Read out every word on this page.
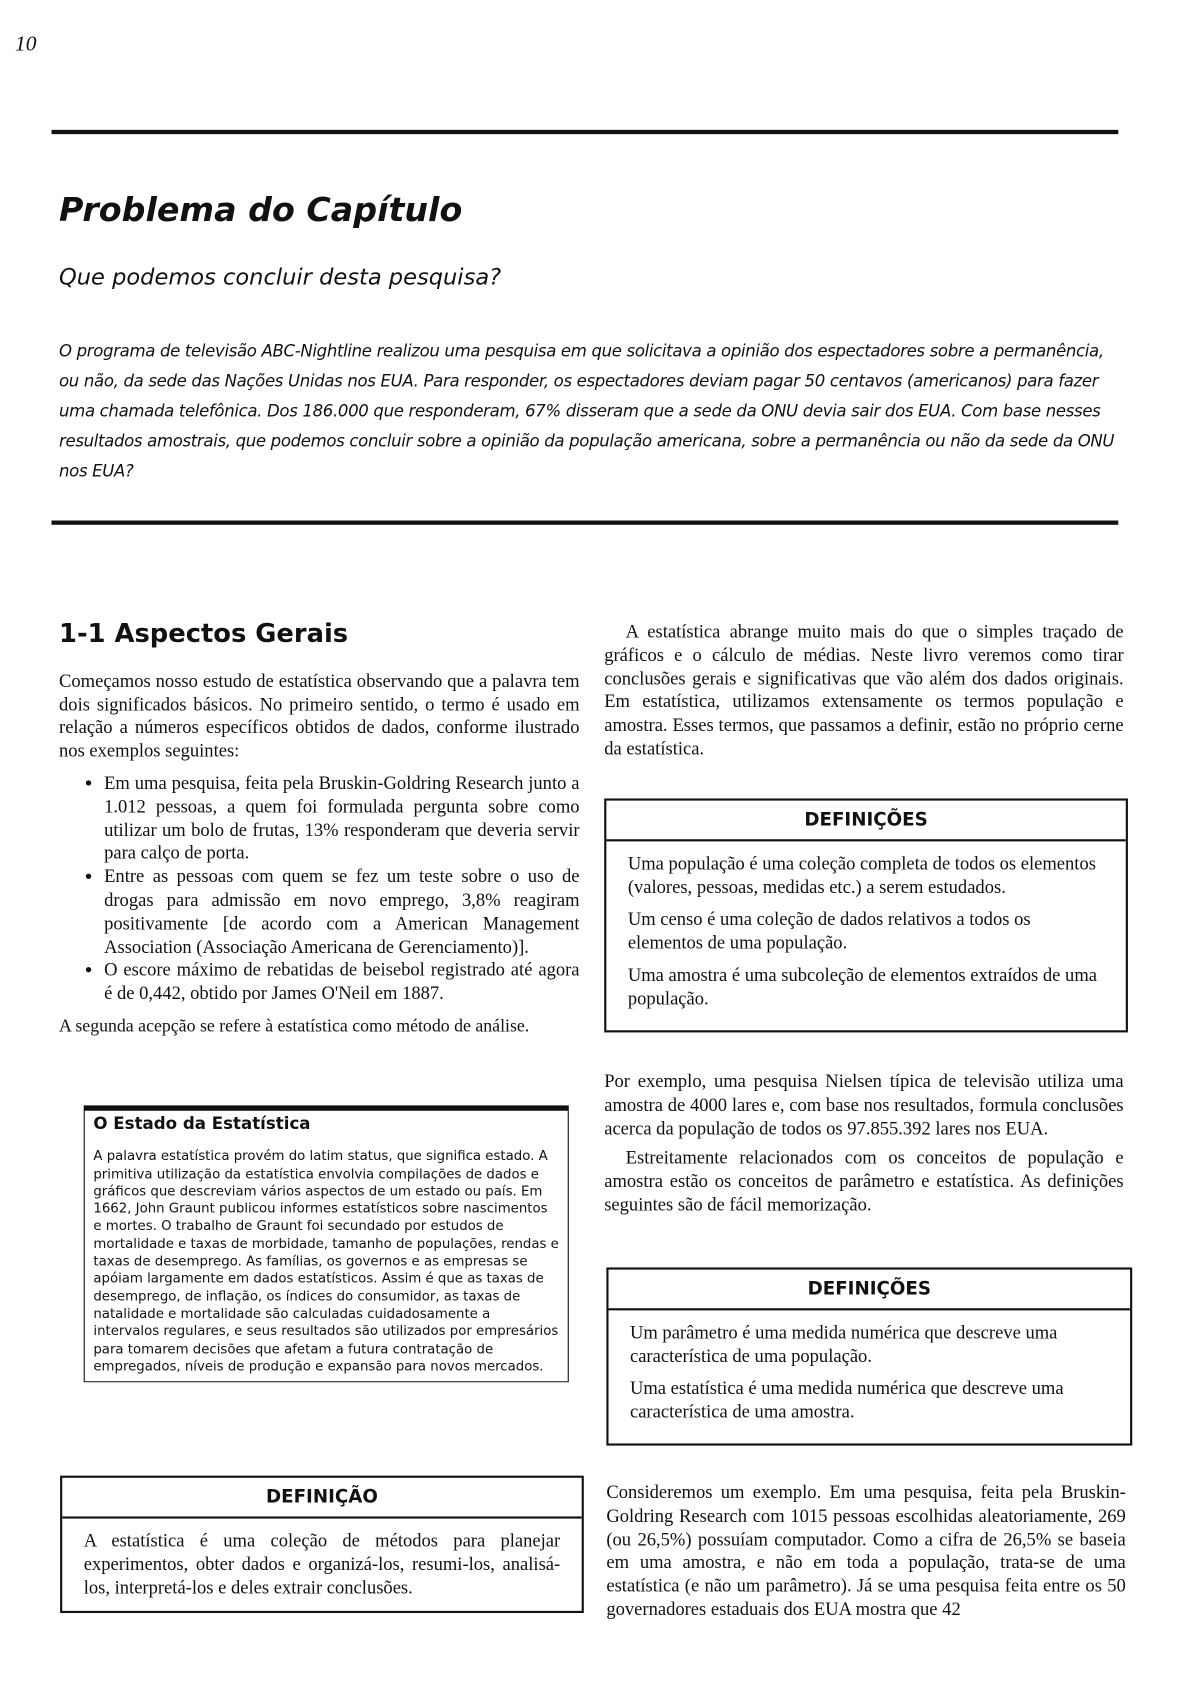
10
Problema do Capítulo
Que podemos concluir desta pesquisa?
O programa de televisão ABC-Nightline realizou uma pesquisa em que solicitava a opinião dos espectadores sobre a permanência, ou não, da sede das Nações Unidas nos EUA. Para responder, os espectadores deviam pagar 50 centavos (americanos) para fazer uma chamada telefônica. Dos 186.000 que responderam, 67% disseram que a sede da ONU devia sair dos EUA. Com base nesses resultados amostrais, que podemos concluir sobre a opinião da população americana, sobre a permanência ou não da sede da ONU nos EUA?
1-1 Aspectos Gerais

Começamos nosso estudo de estatística observando que a palavra tem dois significados básicos. No primeiro sentido, o termo é usado em relação a números específicos obtidos de dados, conforme ilustrado nos exemplos seguintes:

• Em uma pesquisa, feita pela Bruskin-Goldring Research junto a 1.012 pessoas, a quem foi formulada pergunta sobre como utilizar um bolo de frutas, 13% responderam que deveria servir para calço de porta.
• Entre as pessoas com quem se fez um teste sobre o uso de drogas para admissão em novo emprego, 3,8% reagiram positivamente [de acordo com a American Management Association (Associação Americana de Gerenciamento)].
• O escore máximo de rebatidas de beisebol registrado até agora é de 0,442, obtido por James O'Neil em 1887.

A segunda acepção se refere à estatística como método de análise.

O Estado da Estatística
A palavra estatística provém do latim status, que significa estado. A primitiva utilização da estatística envolvia compilações de dados e gráficos que descreviam vários aspectos de um estado ou país. Em 1662, John Graunt publicou informes estatísticos sobre nascimentos e mortes. O trabalho de Graunt foi secundado por estudos de mortalidade e taxas de morbidade, tamanho de populações, rendas e taxas de desemprego. As famílias, os governos e as empresas se apóiam largamente em dados estatísticos. Assim é que as taxas de desemprego, de inflação, os índices do consumidor, as taxas de natalidade e mortalidade são calculadas cuidadosamente a intervalos regulares, e seus resultados são utilizados por empresários para tomarem decisões que afetam a futura contratação de empregados, níveis de produção e expansão para novos mercados.
DEFINIÇÃO
A estatística é uma coleção de métodos para planejar experimentos, obter dados e organizá-los, resumi-los, analisá-los, interpretá-los e deles extrair conclusões.

A estatística abrange muito mais do que o simples traçado de gráficos e o cálculo de médias. Neste livro veremos como tirar conclusões gerais e significativas que vão além dos dados originais. Em estatística, utilizamos extensamente os termos população e amostra. Esses termos, que passamos a definir, estão no próprio cerne da estatística.

DEFINIÇÕES

Uma população é uma coleção completa de todos os elementos (valores, pessoas, medidas etc.) a serem estudados.

Um censo é uma coleção de dados relativos a todos os elementos de uma população.

Uma amostra é uma subcoleção de elementos extraídos de uma população.

Por exemplo, uma pesquisa Nielsen típica de televisão utiliza uma amostra de 4000 lares e, com base nos resultados, formula conclusões acerca da população de todos os 97.855.392 lares nos EUA.

Estreitamente relacionados com os conceitos de população e amostra estão os conceitos de parâmetro e estatística. As definições seguintes são de fácil memorização.

DEFINIÇÕES

Um parâmetro é uma medida numérica que descreve uma característica de uma população.

Uma estatística é uma medida numérica que descreve uma característica de uma amostra.

Consideremos um exemplo. Em uma pesquisa, feita pela Bruskin-Goldring Research com 1015 pessoas escolhidas aleatoriamente, 269 (ou 26,5%) possuíam computador. Como a cifra de 26,5% se baseia em uma amostra, e não em toda a população, trata-se de uma estatística (e não um parâmetro). Já se uma pesquisa feita entre os 50 governadores estaduais dos EUA mostra que 42
